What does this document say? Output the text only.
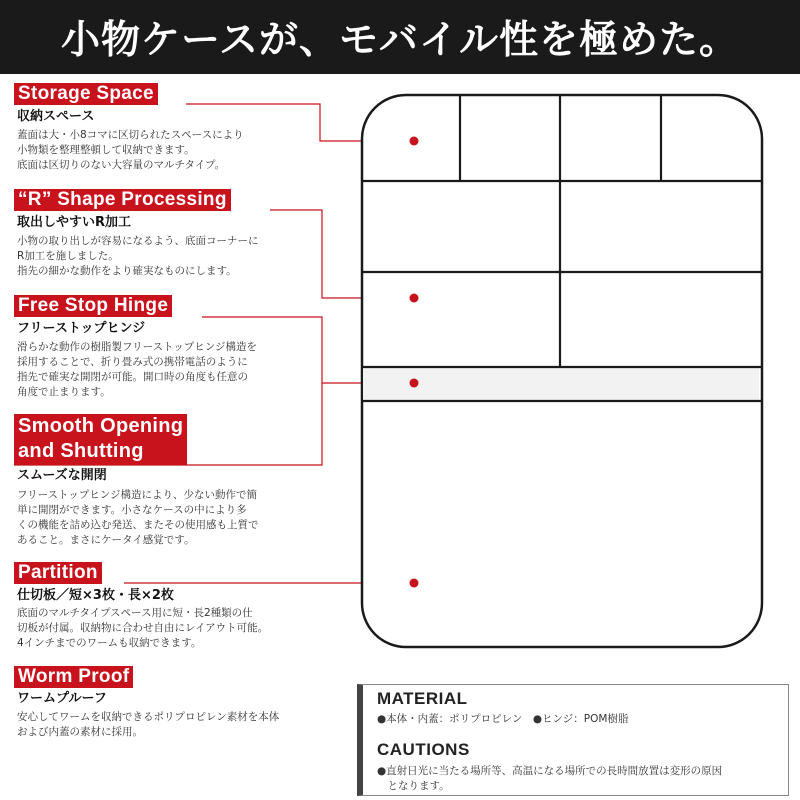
小物ケースが、モバイル性を極めた。
Storage Space
収納スペース
蓋面は大・小8コマに区切られたスペースにより
小物類を整理整頓して収納できます。
底面は区切りのない大容量のマルチタイプ。
“R” Shape Processing
取出しやすいR加工
小物の取り出しが容易になるよう、底面コーナーに
R加工を施しました。
指先の細かな動作をより確実なものにします。
Free Stop Hinge
フリーストップヒンジ
滑らかな動作の樹脂製フリーストップヒンジ構造を
採用することで、折り畳み式の携帯電話のように
指先で確実な開閉が可能。開口時の角度も任意の
角度で止まります。
Smooth Opening
and Shutting
スムーズな開閉
フリーストップヒンジ構造により、少ない動作で簡
単に開閉ができます。小さなケースの中により多
くの機能を詰め込む発送、またその使用感も上質で
あること。まさにケータイ感覚です。
Partition
仕切板／短×3枚・長×2枚
底面のマルチタイプスペース用に短・長2種類の仕
切板が付属。収納物に合わせ自由にレイアウト可能。
4インチまでのワームも収納できます。
Worm Proof
ワームプルーフ
安心してワームを収納できるポリプロピレン素材を本体
および内蓋の素材に採用。
MATERIAL
●本体・内蓋：ポリプロピレン　●ヒンジ：POM樹脂
CAUTIONS
●直射日光に当たる場所等、高温になる場所での長時間放置は変形の原因
　となります。
